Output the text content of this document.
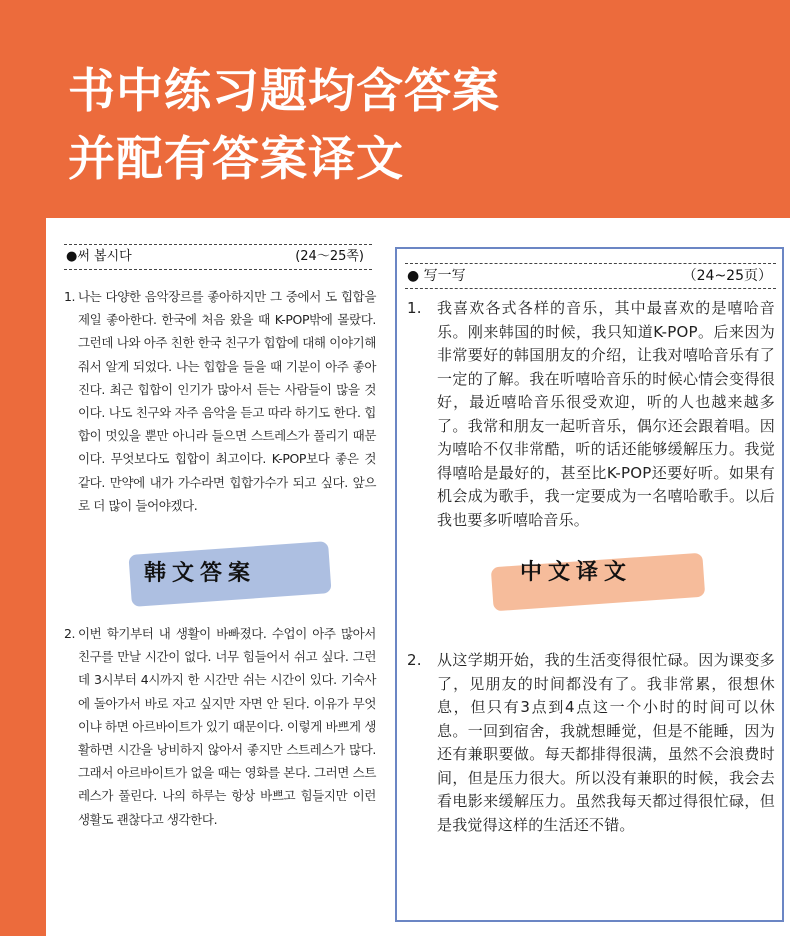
书中练习题均含答案
并配有答案译文
●써 봅시다	(24～25쪽)
1. 나는 다양한 음악장르를 좋아하지만 그 중에서 도 힙합을 제일 좋아한다. 한국에 처음 왔을 때 K-POP밖에 몰랐다. 그런데 나와 아주 친한 한국 친구가 힙합에 대해 이야기해 줘서 알게 되었다. 나는 힙합을 들을 때 기분이 아주 좋아진다. 최근 힙합이 인기가 많아서 듣는 사람들이 많을 것이다. 나도 친구와 자주 음악을 듣고 따라 하기도 한다. 힙합이 멋있을 뿐만 아니라 들으면 스트레스가 풀리기 때문이다. 무엇보다도 힙합이 최고이다. K-POP보다 좋은 것 같다. 만약에 내가 가수라면 힙합가수가 되고 싶다. 앞으로 더 많이 들어야겠다.
2. 이번 학기부터 내 생활이 바빠졌다. 수업이 아주 많아서 친구를 만날 시간이 없다. 너무 힘들어서 쉬고 싶다. 그런데 3시부터 4시까지 한 시간만 쉬는 시간이 있다. 기숙사에 돌아가서 바로 자고 싶지만 자면 안 된다. 이유가 무엇이냐 하면 아르바이트가 있기 때문이다. 이렇게 바쁘게 생활하면 시간을 낭비하지 않아서 좋지만 스트레스가 많다. 그래서 아르바이트가 없을 때는 영화를 본다. 그러면 스트레스가 풀린다. 나의 하루는 항상 바쁘고 힘들지만 이런 생활도 괜찮다고 생각한다.
● 写一写	（24~25页）
1.	我喜欢各式各样的音乐，其中最喜欢的是嘻哈音乐。刚来韩国的时候，我只知道K-POP。后来因为非常要好的韩国朋友的介绍，让我对嘻哈音乐有了一定的了解。我在听嘻哈音乐的时候心情会变得很好，最近嘻哈音乐很受欢迎，听的人也越来越多了。我常和朋友一起听音乐，偶尔还会跟着唱。因为嘻哈不仅非常酷，听的话还能够缓解压力。我觉得嘻哈是最好的，甚至比K-POP还要好听。如果有机会成为歌手，我一定要成为一名嘻哈歌手。以后我也要多听嘻哈音乐。
2.	从这学期开始，我的生活变得很忙碌。因为课变多了，见朋友的时间都没有了。我非常累，很想休息，但只有3点到4点这一个小时的时间可以休息。一回到宿舍，我就想睡觉，但是不能睡，因为还有兼职要做。每天都排得很满，虽然不会浪费时间，但是压力很大。所以没有兼职的时候，我会去看电影来缓解压力。虽然我每天都过得很忙碌，但是我觉得这样的生活还不错。
韩文答案	中文译文
